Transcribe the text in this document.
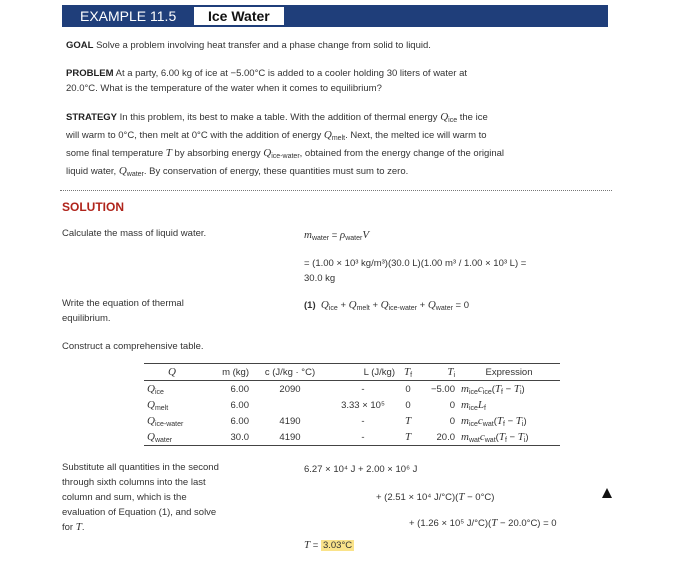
EXAMPLE 11.5	Ice Water
GOAL Solve a problem involving heat transfer and a phase change from solid to liquid.
PROBLEM At a party, 6.00 kg of ice at −5.00°C is added to a cooler holding 30 liters of water at
20.0°C. What is the temperature of the water when it comes to equilibrium?
STRATEGY In this problem, its best to make a table. With the addition of thermal energy $Q_{ice}$ the ice
will warm to 0°C, then melt at 0°C with the addition of energy $Q_{melt}$. Next, the melted ice will warm to
some final temperature T by absorbing energy $Q_{ice-water}$, obtained from the energy change of the original
liquid water, $Q_{water}$. By conservation of energy, these quantities must sum to zero.
SOLUTION
Calculate the mass of liquid water.	$m_{water} = \rho_{water}V$
= (1.00 × 10³ kg/m³)(30.0 L)(1.00 m³ / 1.00 × 10³ L) =
30.0 kg
Write the equation of thermal
equilibrium.
(1) $Q_{ice} + Q_{melt} + Q_{ice-water} + Q_{water} = 0$
Construct a comprehensive table.
Q	m (kg)	c (J/kg · °C)	L (J/kg)	$T_f$	$T_i$	Expression
$Q_{ice}$	6.00	2090	-	0	−5.00	$m_{ice}c_{ice}(T_f - T_i)$
$Q_{melt}$	6.00		3.33 × 10⁵	0	0	$m_{ice}L_f$
$Q_{ice-water}$	6.00	4190	-	T	0	$m_{ice}c_{wat}(T_f - T_i)$
$Q_{water}$	30.0	4190	-	T	20.0	$m_{wat}c_{wat}(T_f - T_i)$
Substitute all quantities in the second
through sixth columns into the last
column and sum, which is the
evaluation of Equation (1), and solve
for T.
6.27 × 10⁴ J + 2.00 × 10⁶ J
+ (2.51 × 10⁴ J/°C)(T − 0°C)
+ (1.26 × 10⁵ J/°C)(T − 20.0°C) = 0
T = 3.03°C
